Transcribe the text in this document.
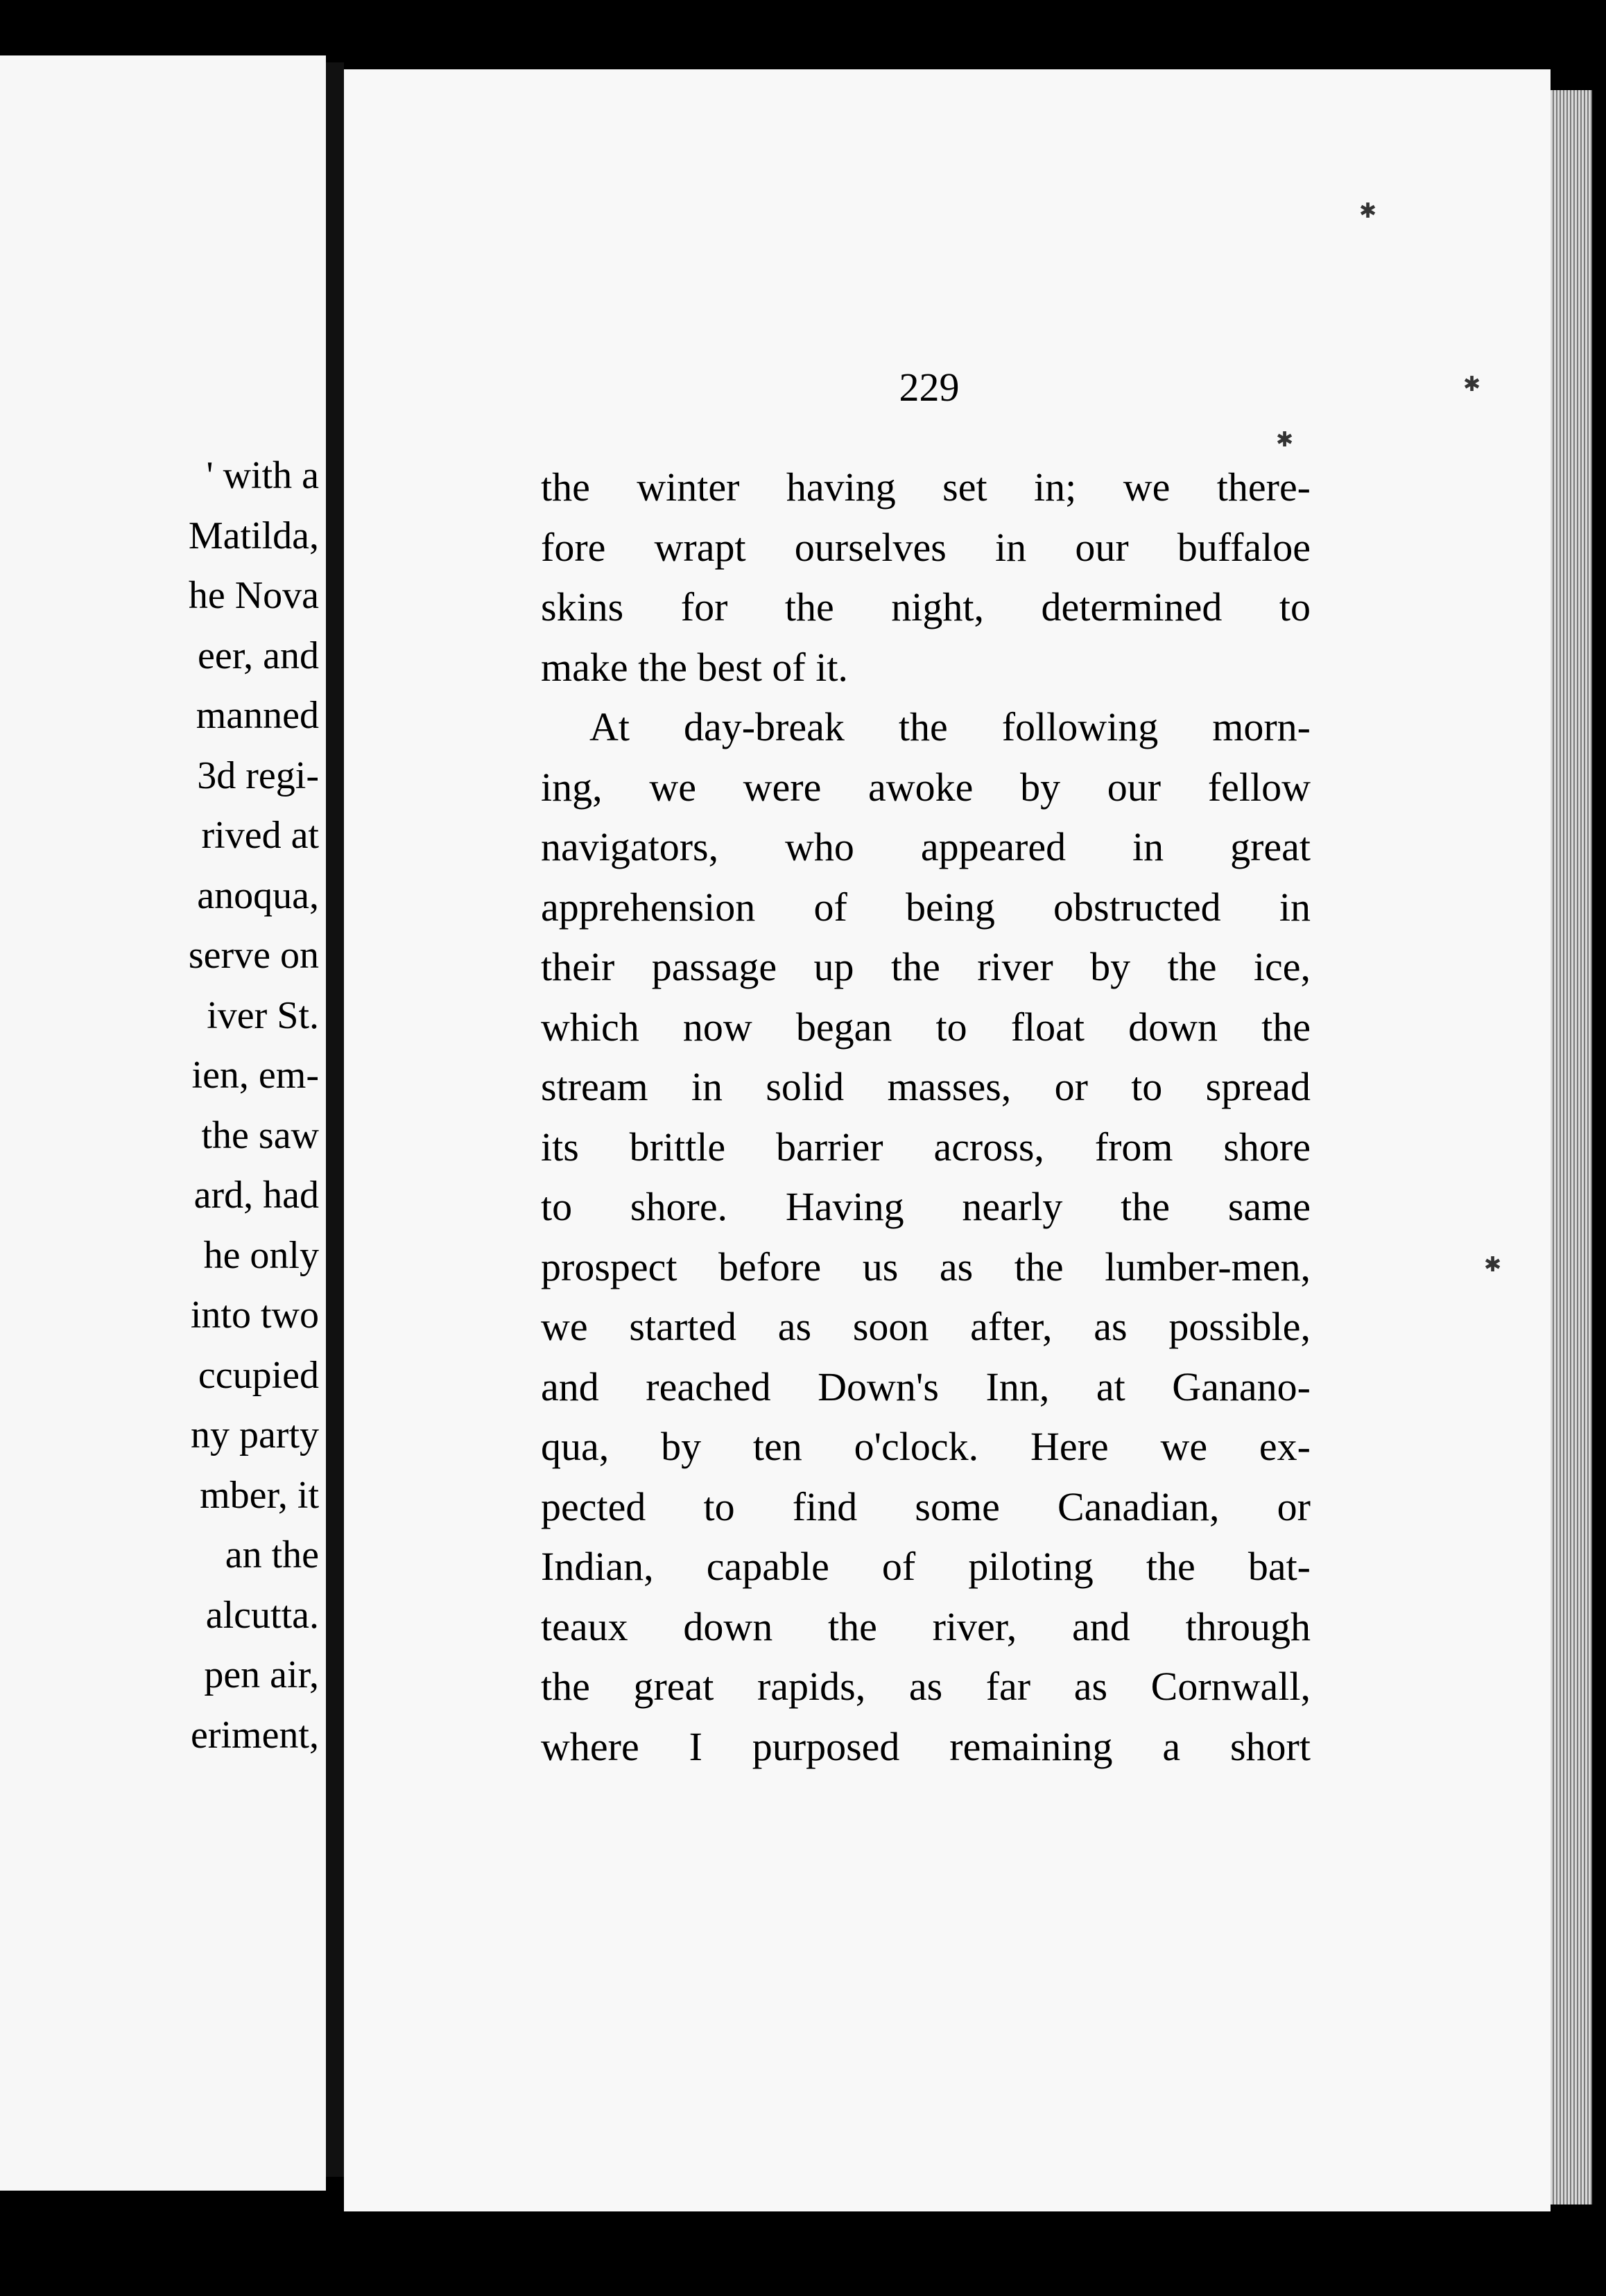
' with a
Matilda,
he Nova
eer, and
manned
3d regi-
rived at
anoqua,
serve on
iver St.
ien, em-
the saw
ard, had
he only
into two
ccupied
ny party
mber, it
an the
alcutta.
pen air,
eriment,
229
the winter having set in; we there-
fore wrapt ourselves in our buffaloe
skins for the night, determined to
make the best of it.
At day-break the following morn-
ing, we were awoke by our fellow
navigators, who appeared in great
apprehension of being obstructed in
their passage up the river by the ice,
which now began to float down the
stream in solid masses, or to spread
its brittle barrier across, from shore
to shore. Having nearly the same
prospect before us as the lumber-men,
we started as soon after, as possible,
and reached Down's Inn, at Ganano-
qua, by ten o'clock. Here we ex-
pected to find some Canadian, or
Indian, capable of piloting the bat-
teaux down the river, and through
the great rapids, as far as Cornwall,
where I purposed remaining a short
✱
✱
✱
✱
